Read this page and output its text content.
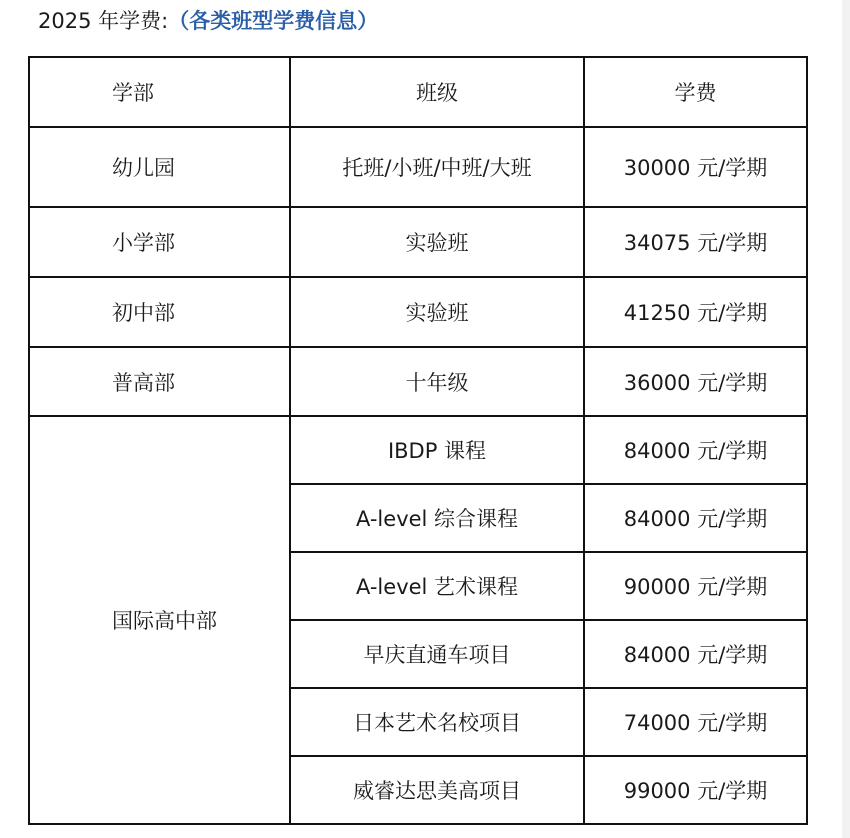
2025 年学费:（各类班型学费信息）
学部	班级	学费
幼儿园	托班/小班/中班/大班	30000 元/学期
小学部	实验班	34075 元/学期
初中部	实验班	41250 元/学期
普高部	十年级	36000 元/学期
国际高中部	IBDP 课程	84000 元/学期
	A-level 综合课程	84000 元/学期
	A-level 艺术课程	90000 元/学期
	早庆直通车项目	84000 元/学期
	日本艺术名校项目	74000 元/学期
	威睿达思美高项目	99000 元/学期
